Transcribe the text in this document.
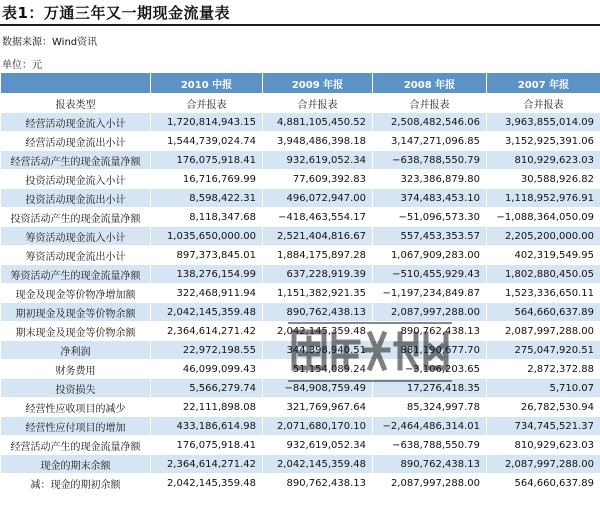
表1：万通三年又一期现金流量表
数据来源：Wind资讯
单位：元
	2010 中报	2009 年报	2008 年报	2007 年报
报表类型	合并报表	合并报表	合并报表	合并报表
经营活动现金流入小计	1,720,814,943.15	4,881,105,450.52	2,508,482,546.06	3,963,855,014.09
经营活动现金流出小计	1,544,739,024.74	3,948,486,398.18	3,147,271,096.85	3,152,925,391.06
经营活动产生的现金流量净额	176,075,918.41	932,619,052.34	−638,788,550.79	810,929,623.03
投资活动现金流入小计	16,716,769.99	77,609,392.83	323,386,879.80	30,588,926.82
投资活动现金流出小计	8,598,422.31	496,072,947.00	374,483,453.10	1,118,952,976.91
投资活动产生的现金流量净额	8,118,347.68	−418,463,554.17	−51,096,573.30	−1,088,364,050.09
筹资活动现金流入小计	1,035,650,000.00	2,521,404,816.67	557,453,353.57	2,205,200,000.00
筹资活动现金流出小计	897,373,845.01	1,884,175,897.28	1,067,909,283.00	402,319,549.95
筹资活动产生的现金流量净额	138,276,154.99	637,228,919.39	−510,455,929.43	1,802,880,450.05
现金及现金等价物净增加额	322,468,911.94	1,151,382,921.35	−1,197,234,849.87	1,523,336,650.11
期初现金及现金等价物余额	2,042,145,359.48	890,762,438.13	2,087,997,288.00	564,660,637.89
期末现金及现金等价物余额	2,364,614,271.42	2,042,145,359.48	890,762,438.13	2,087,997,288.00
净利润	22,972,198.55	344,398,940.51	881,190,677.70	275,047,920.51
财务费用	46,099,099.43	51,154,089.24	−3,106,203.65	2,872,372.88
投资损失	5,566,279.74	−84,908,759.49	17,276,418.35	5,710.07
经营性应收项目的减少	22,111,898.08	321,769,967.64	85,324,997.78	26,782,530.94
经营性应付项目的增加	433,186,614.98	2,071,680,170.10	−2,464,486,314.01	734,745,521.37
经营活动产生的现金流量净额	176,075,918.41	932,619,052.34	−638,788,550.79	810,929,623.03
现金的期末余额	2,364,614,271.42	2,042,145,359.48	890,762,438.13	2,087,997,288.00
减：现金的期初余额	2,042,145,359.48	890,762,438.13	2,087,997,288.00	564,660,637.89
